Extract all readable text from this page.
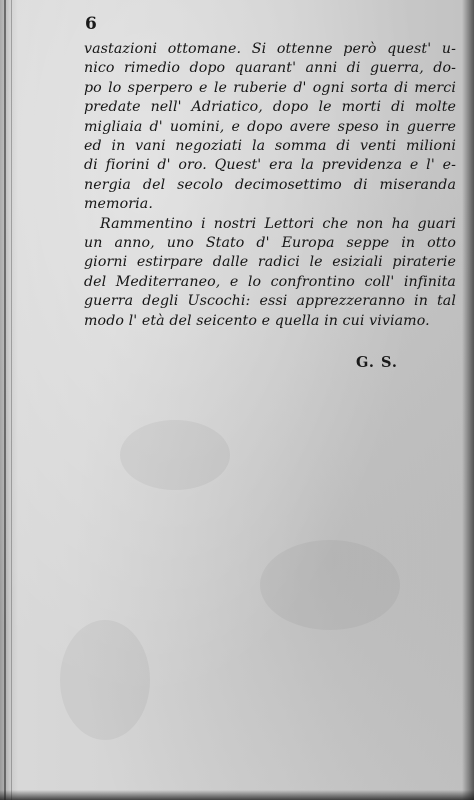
6
vastazioni ottomane. Si ottenne però quest' u-
nico rimedio dopo quarant' anni di guerra, do-
po lo sperpero e le ruberie d' ogni sorta di merci
predate nell' Adriatico, dopo le morti di molte
migliaia d' uomini, e dopo avere speso in guerre
ed in vani negoziati la somma di venti milioni
di fiorini d' oro. Quest' era la previdenza e l' e-
nergia del secolo decimosettimo di miseranda
memoria.
Rammentino i nostri Lettori che non ha guari
un anno, uno Stato d' Europa seppe in otto
giorni estirpare dalle radici le esiziali piraterie
del Mediterraneo, e lo confrontino coll' infinita
guerra degli Uscochi: essi apprezzeranno in tal
modo l' età del seicento e quella in cui viviamo.
G. S.
